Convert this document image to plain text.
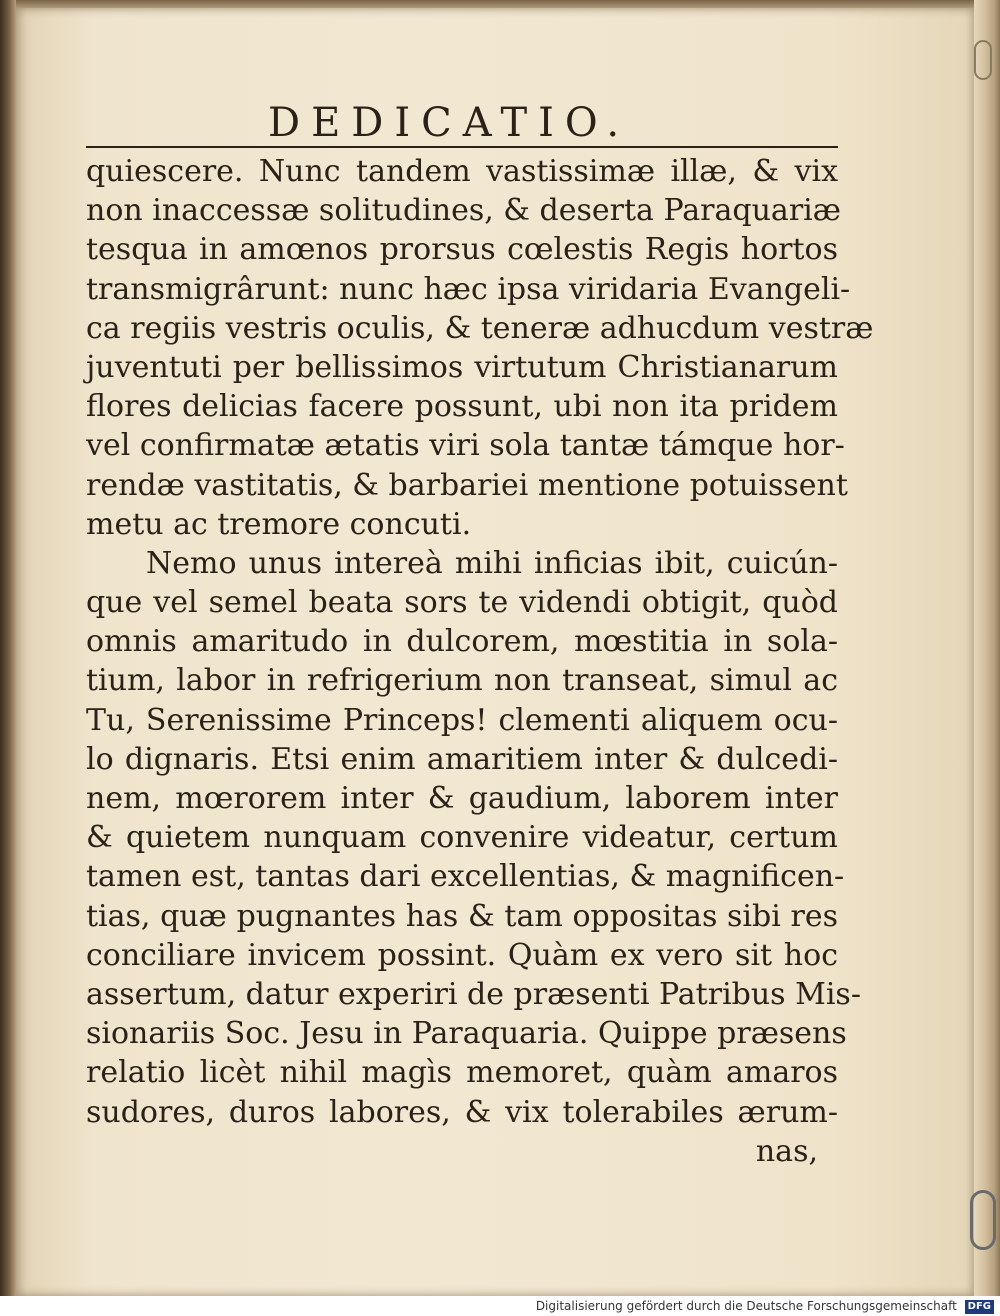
DEDICATIO.
quiescere. Nunc tandem vastissimæ illæ, & vix
non inaccessæ solitudines, & deserta Paraquariæ
tesqua in amœnos prorsus cœlestis Regis hortos
transmigrârunt: nunc hæc ipsa viridaria Evangeli-
ca regiis vestris oculis, & teneræ adhucdum vestræ
juventuti per bellissimos virtutum Christianarum
flores delicias facere possunt, ubi non ita pridem
vel confirmatæ ætatis viri sola tantæ támque hor-
rendæ vastitatis, & barbariei mentione potuissent
metu ac tremore concuti.
Nemo unus intereà mihi inficias ibit, cuicún-
que vel semel beata sors te videndi obtigit, quòd
omnis amaritudo in dulcorem, mœstitia in sola-
tium, labor in refrigerium non transeat, simul ac
Tu, Serenissime Princeps! clementi aliquem ocu-
lo dignaris. Etsi enim amaritiem inter & dulcedi-
nem, mœrorem inter & gaudium, laborem inter
& quietem nunquam convenire videatur, certum
tamen est, tantas dari excellentias, & magnificen-
tias, quæ pugnantes has & tam oppositas sibi res
conciliare invicem possint. Quàm ex vero sit hoc
assertum, datur experiri de præsenti Patribus Mis-
sionariis Soc. Jesu in Paraquaria. Quippe præsens
relatio licèt nihil magìs memoret, quàm amaros
sudores, duros labores, & vix tolerabiles ærum-
nas,
Digitalisierung gefördert durch die Deutsche Forschungsgemeinschaft DFG
